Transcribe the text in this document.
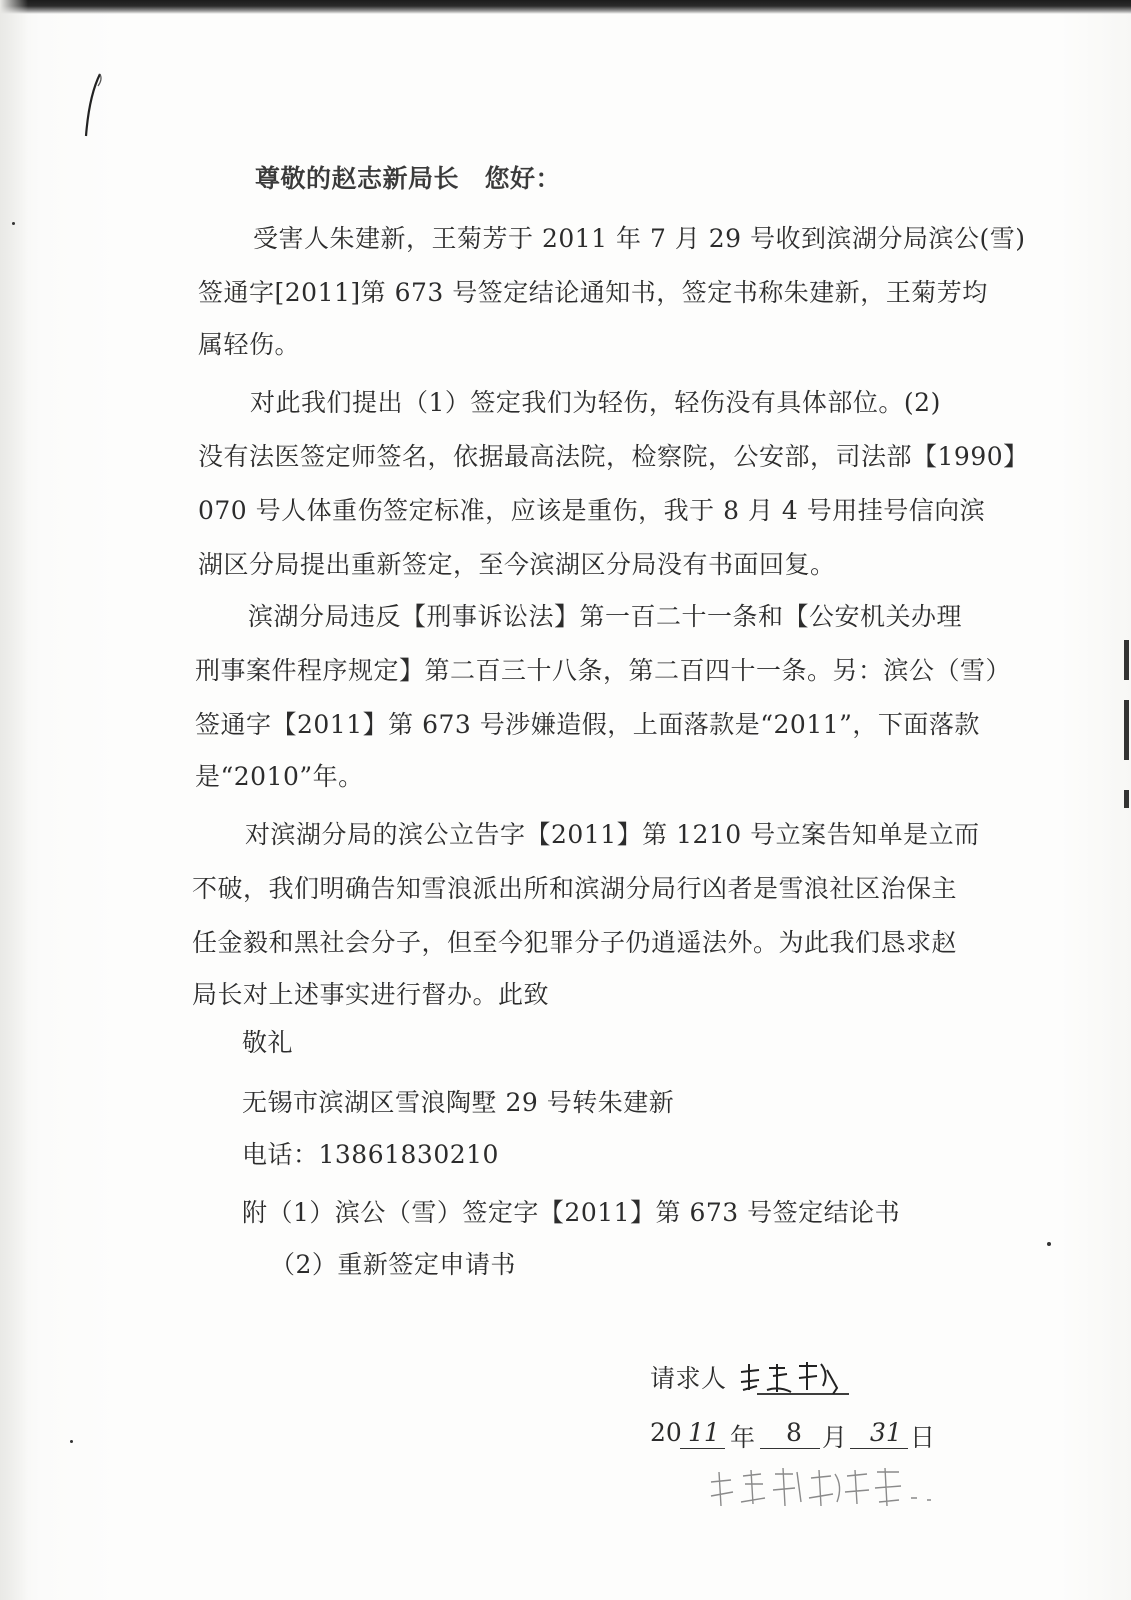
尊敬的赵志新局长　您好：
受害人朱建新，王菊芳于 2011 年 7 月 29 号收到滨湖分局滨公(雪)
签通字[2011]第 673 号签定结论通知书，签定书称朱建新，王菊芳均
属轻伤。
对此我们提出（1）签定我们为轻伤，轻伤没有具体部位。(2)
没有法医签定师签名，依据最高法院，检察院，公安部，司法部【1990】
070 号人体重伤签定标准，应该是重伤，我于 8 月 4 号用挂号信向滨
湖区分局提出重新签定，至今滨湖区分局没有书面回复。
滨湖分局违反【刑事诉讼法】第一百二十一条和【公安机关办理
刑事案件程序规定】第二百三十八条，第二百四十一条。另：滨公（雪）
签通字【2011】第 673 号涉嫌造假，上面落款是“2011”，下面落款
是“2010”年。
对滨湖分局的滨公立告字【2011】第 1210 号立案告知单是立而
不破，我们明确告知雪浪派出所和滨湖分局行凶者是雪浪社区治保主
任金毅和黑社会分子，但至今犯罪分子仍逍遥法外。为此我们恳求赵
局长对上述事实进行督办。此致
敬礼
无锡市滨湖区雪浪陶墅 29 号转朱建新
电话：13861830210
附（1）滨公（雪）签定字【2011】第 673 号签定结论书
（2）重新签定申请书
请求人
20 11 年 8 月 31 日
